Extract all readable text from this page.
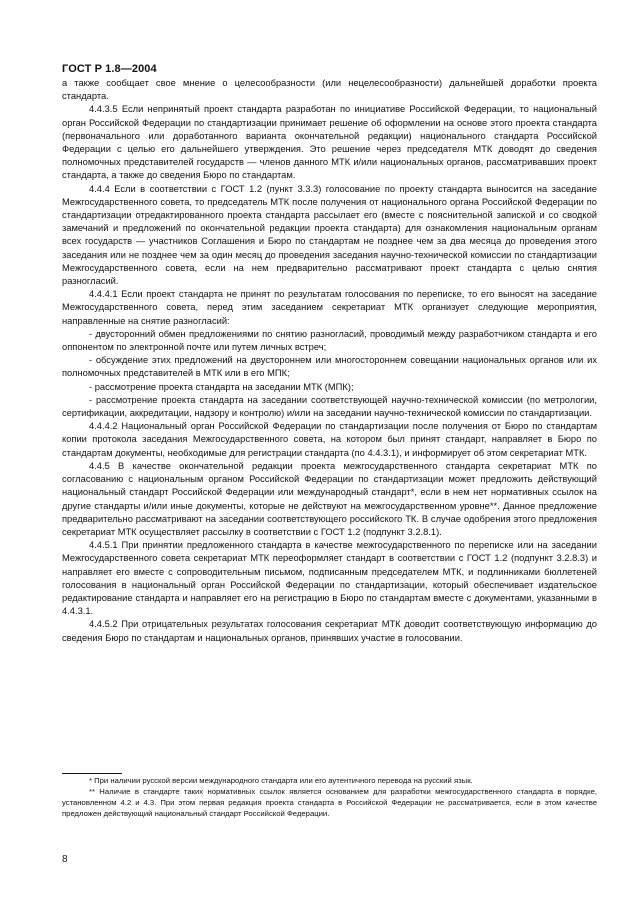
ГОСТ Р 1.8—2004

а также сообщает свое мнение о целесообразности (или нецелесообразности) дальнейшей доработки проекта стандарта.

4.4.3.5 Если непринятый проект стандарта разработан по инициативе Российской Федерации, то национальный орган Российской Федерации по стандартизации принимает решение об оформлении на основе этого проекта стандарта (первоначального или доработанного варианта окончательной редакции) национального стандарта Российской Федерации с целью его дальнейшего утверждения. Это решение через председателя МТК доводят до сведения полномочных представителей государств — членов данного МТК и/или национальных органов, рассматривавших проект стандарта, а также до сведения Бюро по стандартам.

4.4.4 Если в соответствии с ГОСТ 1.2 (пункт 3.3.3) голосование по проекту стандарта выносится на заседание Межгосударственного совета, то председатель МТК после получения от национального органа Российской Федерации по стандартизации отредактированного проекта стандарта рассылает его (вместе с пояснительной запиской и со сводкой замечаний и предложений по окончательной редакции проекта стандарта) для ознакомления национальным органам всех государств — участников Соглашения и Бюро по стандартам не позднее чем за два месяца до проведения этого заседания или не позднее чем за один месяц до проведения заседания научно-технической комиссии по стандартизации Межгосударственного совета, если на нем предварительно рассматривают проект стандарта с целью снятия разногласий.

4.4.4.1 Если проект стандарта не принят по результатам голосования по переписке, то его выносят на заседание Межгосударственного совета, перед этим заседанием секретариат МТК организует следующие мероприятия, направленные на снятие разногласий:

- двусторонний обмен предложениями по снятию разногласий, проводимый между разработчиком стандарта и его оппонентом по электронной почте или путем личных встреч;

- обсуждение этих предложений на двустороннем или многостороннем совещании национальных органов или их полномочных представителей в МТК или в его МПК;

- рассмотрение проекта стандарта на заседании МТК (МПК);

- рассмотрение проекта стандарта на заседании соответствующей научно-технической комиссии (по метрологии, сертификации, аккредитации, надзору и контролю) и/или на заседании научно-технической комиссии по стандартизации.

4.4.4.2 Национальный орган Российской Федерации по стандартизации после получения от Бюро по стандартам копии протокола заседания Межгосударственного совета, на котором был принят стандарт, направляет в Бюро по стандартам документы, необходимые для регистрации стандарта (по 4.4.3.1), и информирует об этом секретариат МТК.

4.4.5 В качестве окончательной редакции проекта межгосударственного стандарта секретариат МТК по согласованию с национальным органом Российской Федерации по стандартизации может предложить действующий национальный стандарт Российской Федерации или международный стандарт*, если в нем нет нормативных ссылок на другие стандарты и/или иные документы, которые не действуют на межгосударственном уровне**. Данное предложение предварительно рассматривают на заседании соответствующего российского ТК. В случае одобрения этого предложения секретариат МТК осуществляет рассылку в соответствии с ГОСТ 1.2 (подпункт 3.2.8.1).

4.4.5.1 При принятии предложенного стандарта в качестве межгосударственного по переписке или на заседании Межгосударственного совета секретариат МТК переоформляет стандарт в соответствии с ГОСТ 1.2 (подпункт 3.2.8.3) и направляет его вместе с сопроводительным письмом, подписанным председателем МТК, и подлинниками бюллетеней голосования в национальный орган Российской Федерации по стандартизации, который обеспечивает издательское редактирование стандарта и направляет его на регистрацию в Бюро по стандартам вместе с документами, указанными в 4.4.3.1.

4.4.5.2 При отрицательных результатах голосования секретариат МТК доводит соответствующую информацию до сведения Бюро по стандартам и национальных органов, принявших участие в голосовании.

* При наличии русской версии международного стандарта или его аутентичного перевода на русский язык.

** Наличие в стандарте таких нормативных ссылок является основанием для разработки межгосударственного стандарта в порядке, установленном 4.2 и 4.3. При этом первая редакция проекта стандарта в Российской Федерации не рассматривается, если в этом качестве предложен действующий национальный стандарт Российской Федерации.

8
